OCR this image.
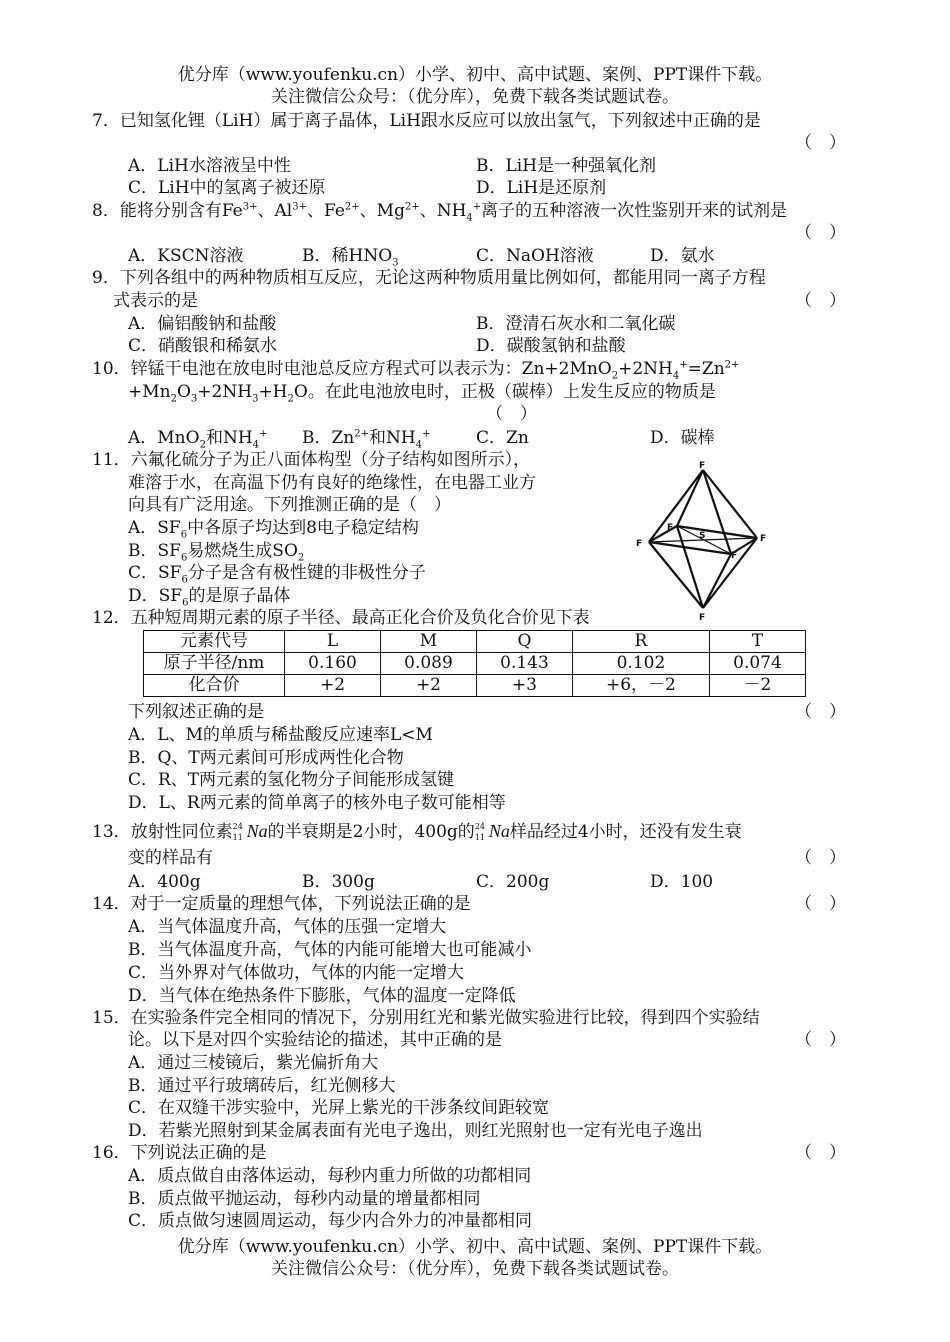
优分库（www.youfenku.cn）小学、初中、高中试题、案例、PPT课件下载。
关注微信公众号：（优分库），免费下载各类试题试卷。
7．已知氢化锂（LiH）属于离子晶体，LiH跟水反应可以放出氢气，下列叙述中正确的是
（　）
A．LiH水溶液呈中性	B．LiH是一种强氧化剂
C．LiH中的氢离子被还原	D．LiH是还原剂
8．能将分别含有$Fe^{3+}$、$Al^{3+}$、$Fe^{2+}$、$Mg^{2+}$、$NH_4^+$离子的五种溶液一次性鉴别开来的试剂是
（　）
A．KSCN溶液	B．稀$HNO_3$	C．NaOH溶液	D．氨水
9．下列各组中的两种物质相互反应，无论这两种物质用量比例如何，都能用同一离子方程
式表示的是	（　）
A．偏铝酸钠和盐酸	B．澄清石灰水和二氧化碳
C．硝酸银和稀氨水	D．碳酸氢钠和盐酸
10．锌锰干电池在放电时电池总反应方程式可以表示为：$Zn+2MnO_2+2NH_4^+=Zn^{2+}$
$+Mn_2O_3+2NH_3+H_2O$。在此电池放电时，正极（碳棒）上发生反应的物质是
（　）
A．MnO$_2$和$NH_4^+$ B．$Zn^{2+}$和$NH_4^+$	C．Zn	D．碳棒
11．六氟化硫分子为正八面体构型（分子结构如图所示），
难溶于水，在高温下仍有良好的绝缘性，在电器工业方
向具有广泛用途。下列推测正确的是（　）
A．$SF_6$中各原子均达到8电子稳定结构
B．$SF_6$易燃烧生成$SO_2$
C．$SF_6$分子是含有极性键的非极性分子
D．$SF_6$的是原子晶体
F
F	F
F
F
F
S
12．五种短周期元素的原子半径、最高正化合价及负化合价见下表
元素代号	L	M	Q	R	T
原子半径/nm	0.160	0.089	0.143	0.102	0.074
化合价	+2	+2	+3	+6，－2	－2
下列叙述正确的是	（　）
A．L、M的单质与稀盐酸反应速率L<M
B．Q、T两元素间可形成两性化合物
C．R、T两元素的氢化物分子间能形成氢键
D．L、R两元素的简单离子的核外电子数可能相等
13．放射性同位素 24
11 Na的半衰期是2小时，400g的 24
11 Na样品经过4小时，还没有发生衰
变的样品有	（　）
A．400g	B．300g	C．200g	D．100
14．对于一定质量的理想气体，下列说法正确的是	（　）
A．当气体温度升高，气体的压强一定增大
B．当气体温度升高，气体的内能可能增大也可能减小
C．当外界对气体做功，气体的内能一定增大
D．当气体在绝热条件下膨胀，气体的温度一定降低
15．在实验条件完全相同的情况下，分别用红光和紫光做实验进行比较，得到四个实验结
论。以下是对四个实验结论的描述，其中正确的是	（　）
A．通过三棱镜后，紫光偏折角大
B．通过平行玻璃砖后，红光侧移大
C．在双缝干涉实验中，光屏上紫光的干涉条纹间距较宽
D．若紫光照射到某金属表面有光电子逸出，则红光照射也一定有光电子逸出
16．下列说法正确的是	（　）
A．质点做自由落体运动，每秒内重力所做的功都相同
B．质点做平抛运动，每秒内动量的增量都相同
C．质点做匀速圆周运动，每少内合外力的冲量都相同
优分库（www.youfenku.cn）小学、初中、高中试题、案例、PPT课件下载。
关注微信公众号：（优分库），免费下载各类试题试卷。
